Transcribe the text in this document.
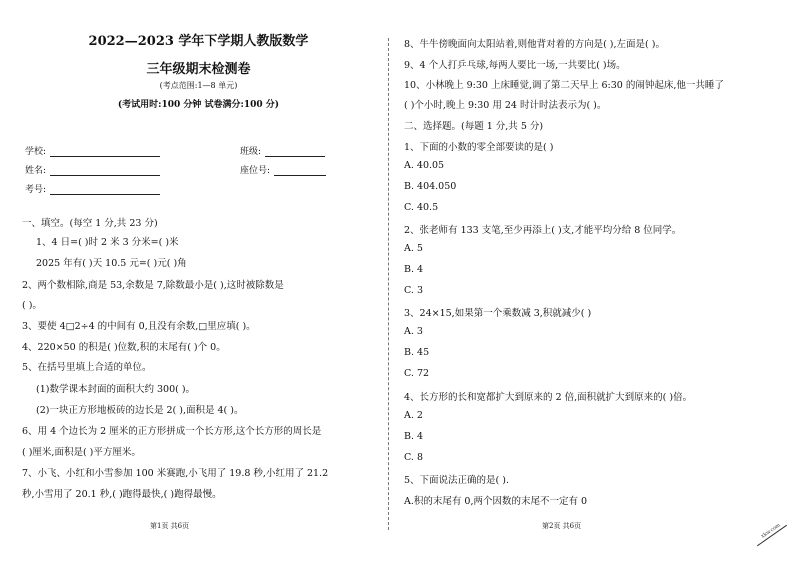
2022—2023 学年下学期人教版数学
三年级期末检测卷
(考点范围:1—8 单元)
(考试用时:100 分钟 试卷满分:100 分)
学校:	班级:
姓名:	座位号:
考号:
一、填空。(每空 1 分,共 23 分)
1、4 日=( )时 2 米 3 分米=( )米
2025 年有( )天 10.5 元=( )元( )角
2、两个数相除,商是 53,余数是 7,除数最小是( ),这时被除数是
( )。
3、要使 4□2÷4 的中间有 0,且没有余数,□里应填( )。
4、220×50 的积是( )位数,积的末尾有( )个 0。
5、在括号里填上合适的单位。
(1)数学课本封面的面积大约 300( )。
(2)一块正方形地板砖的边长是 2( ),面积是 4( )。
6、用 4 个边长为 2 厘米的正方形拼成一个长方形,这个长方形的周长是
( )厘米,面积是( )平方厘米。
7、小飞、小红和小雪参加 100 米赛跑,小飞用了 19.8 秒,小红用了 21.2
秒,小雪用了 20.1 秒,( )跑得最快,( )跑得最慢。
第1页 共6页
8、牛牛傍晚面向太阳站着,则他背对着的方向是( ),左面是( )。
9、4 个人打乒乓球,每两人要比一场,一共要比( )场。
10、小林晚上 9:30 上床睡觉,调了第二天早上 6:30 的闹钟起床,他一共睡了
( )个小时,晚上 9:30 用 24 时计时法表示为( )。
二、选择题。(每题 1 分,共 5 分)
1、下面的小数的零全部要读的是( )
A. 40.05
B. 404.050
C. 40.5
2、张老师有 133 支笔,至少再添上( )支,才能平均分给 8 位同学。
A. 5
B. 4
C. 3
3、24×15,如果第一个乘数减 3,积就减少( )
A. 3
B. 45
C. 72
4、长方形的长和宽都扩大到原来的 2 倍,面积就扩大到原来的( )倍。
A. 2
B. 4
C. 8
5、下面说法正确的是( ).
A.积的末尾有 0,两个因数的末尾不一定有 0
第2页 共6页	xkw.com
